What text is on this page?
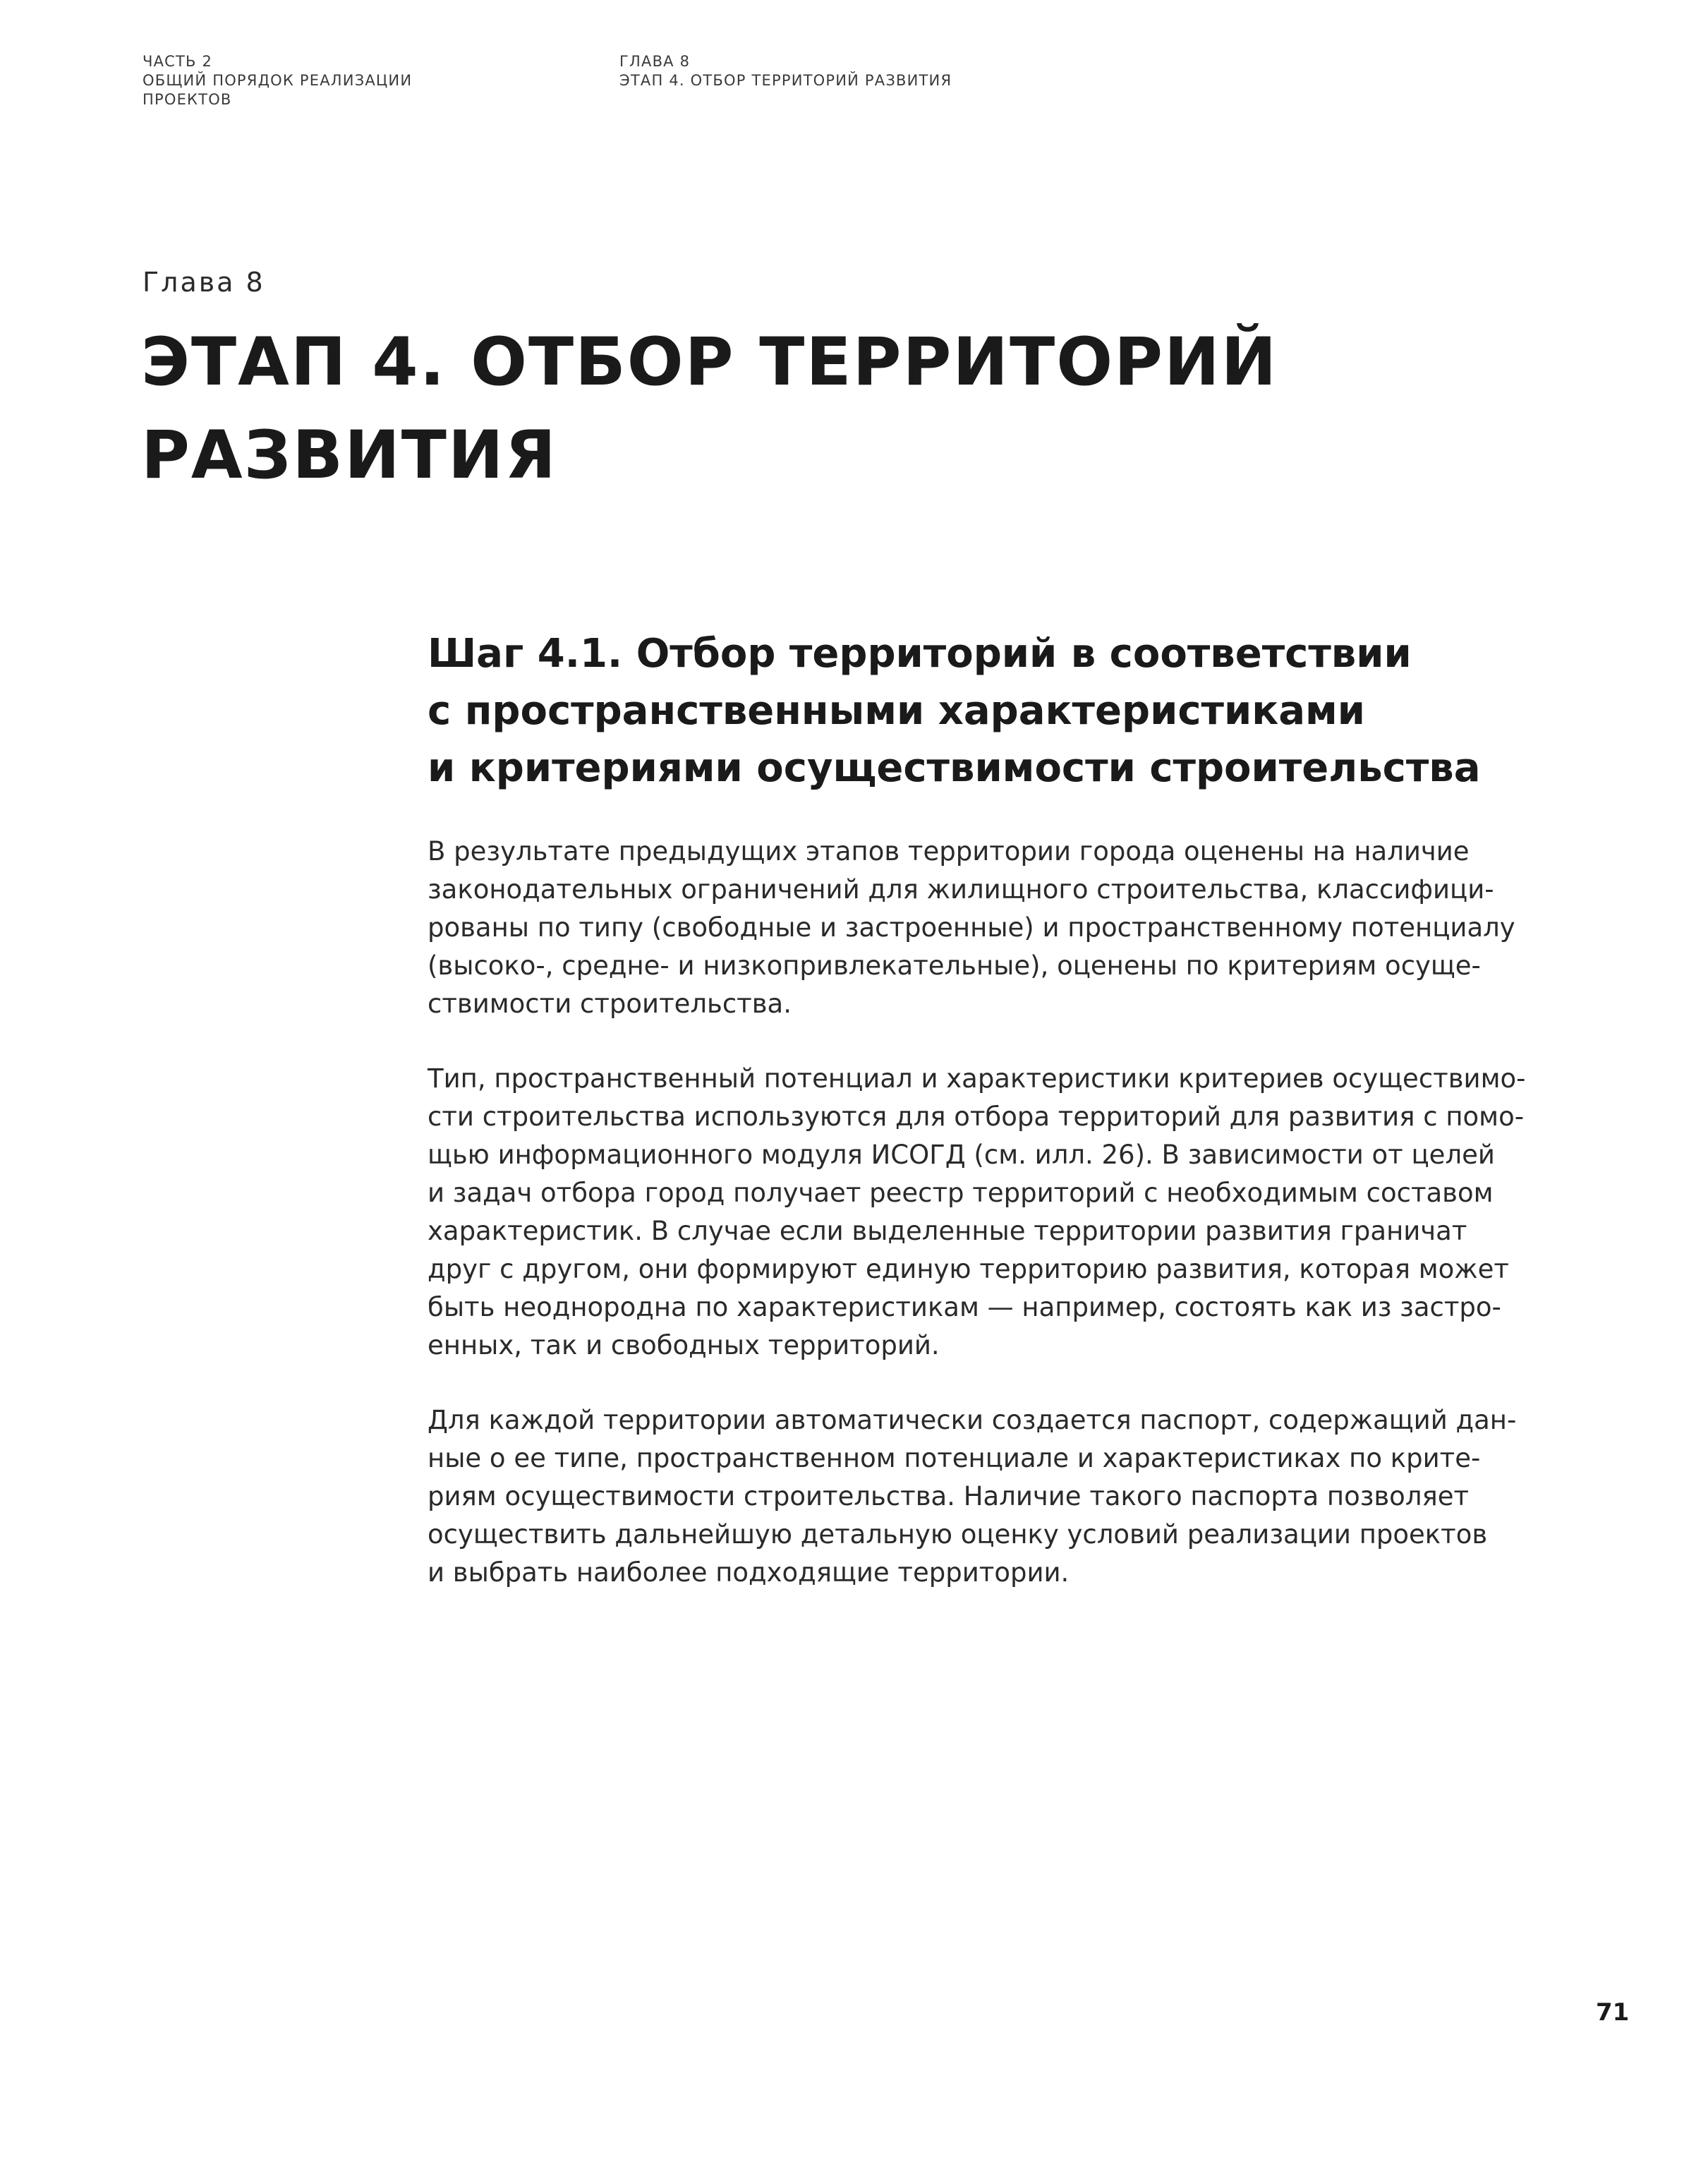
ЧАСТЬ 2
ОБЩИЙ ПОРЯДОК РЕАЛИЗАЦИИ
ПРОЕКТОВ
ГЛАВА 8
ЭТАП 4. ОТБОР ТЕРРИТОРИЙ РАЗВИТИЯ
Глава 8
ЭТАП 4. ОТБОР ТЕРРИТОРИЙ
РАЗВИТИЯ
Шаг 4.1. Отбор территорий в соответствии
с пространственными характеристиками
и критериями осуществимости строительства
В результате предыдущих этапов территории города оценены на наличие
законодательных ограничений для жилищного строительства, классифици-
рованы по типу (свободные и застроенные) и пространственному потенциалу
(высоко-, средне- и низкопривлекательные), оценены по критериям осуще-
ствимости строительства.
Тип, пространственный потенциал и характеристики критериев осуществимо-
сти строительства используются для отбора территорий для развития с помо-
щью информационного модуля ИСОГД (см. илл. 26). В зависимости от целей
и задач отбора город получает реестр территорий с необходимым составом
характеристик. В случае если выделенные территории развития граничат
друг с другом, они формируют единую территорию развития, которая может
быть неоднородна по характеристикам — например, состоять как из застро-
енных, так и свободных территорий.
Для каждой территории автоматически создается паспорт, содержащий дан-
ные о ее типе, пространственном потенциале и характеристиках по крите-
риям осуществимости строительства. Наличие такого паспорта позволяет
осуществить дальнейшую детальную оценку условий реализации проектов
и выбрать наиболее подходящие территории.
71
